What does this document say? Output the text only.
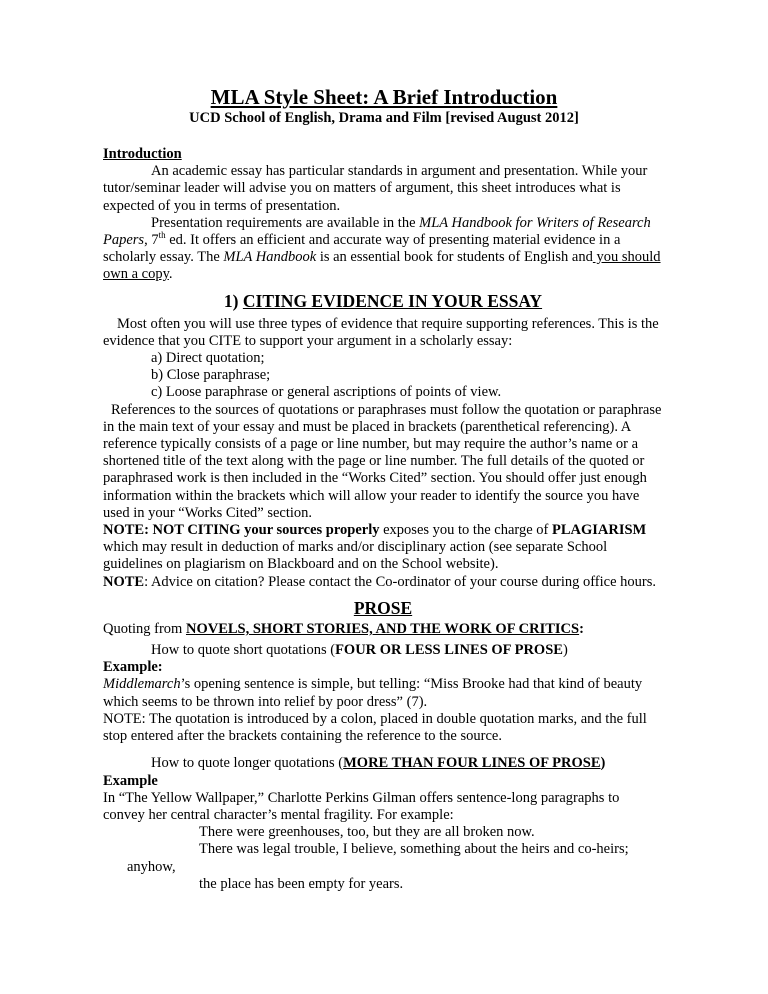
MLA Style Sheet: A Brief Introduction
UCD School of English, Drama and Film [revised August 2012]

Introduction

An academic essay has particular standards in argument and presentation. While your tutor/seminar leader will advise you on matters of argument, this sheet introduces what is expected of you in terms of presentation.

Presentation requirements are available in the MLA Handbook for Writers of Research Papers, 7th ed. It offers an efficient and accurate way of presenting material evidence in a scholarly essay. The MLA Handbook is an essential book for students of English and you should own a copy.

1) CITING EVIDENCE IN YOUR ESSAY

Most often you will use three types of evidence that require supporting references. This is the evidence that you CITE to support your argument in a scholarly essay:

a) Direct quotation;
b) Close paraphrase;
c) Loose paraphrase or general ascriptions of points of view.

References to the sources of quotations or paraphrases must follow the quotation or paraphrase in the main text of your essay and must be placed in brackets (parenthetical referencing). A reference typically consists of a page or line number, but may require the author’s name or a shortened title of the text along with the page or line number. The full details of the quoted or paraphrased work is then included in the “Works Cited” section. You should offer just enough information within the brackets which will allow your reader to identify the source you have used in your “Works Cited” section.

NOTE: NOT CITING your sources properly exposes you to the charge of PLAGIARISM which may result in deduction of marks and/or disciplinary action (see separate School guidelines on plagiarism on Blackboard and on the School website).

NOTE: Advice on citation? Please contact the Co-ordinator of your course during office hours.

PROSE

Quoting from NOVELS, SHORT STORIES, AND THE WORK OF CRITICS:

How to quote short quotations (FOUR OR LESS LINES OF PROSE)

Example:

Middlemarch’s opening sentence is simple, but telling: “Miss Brooke had that kind of beauty which seems to be thrown into relief by poor dress” (7).

NOTE: The quotation is introduced by a colon, placed in double quotation marks, and the full stop entered after the brackets containing the reference to the source.

How to quote longer quotations (MORE THAN FOUR LINES OF PROSE)

Example

In “The Yellow Wallpaper,” Charlotte Perkins Gilman offers sentence-long paragraphs to convey her central character’s mental fragility. For example:

There were greenhouses, too, but they are all broken now.
There was legal trouble, I believe, something about the heirs and co-heirs;
anyhow,
the place has been empty for years.
